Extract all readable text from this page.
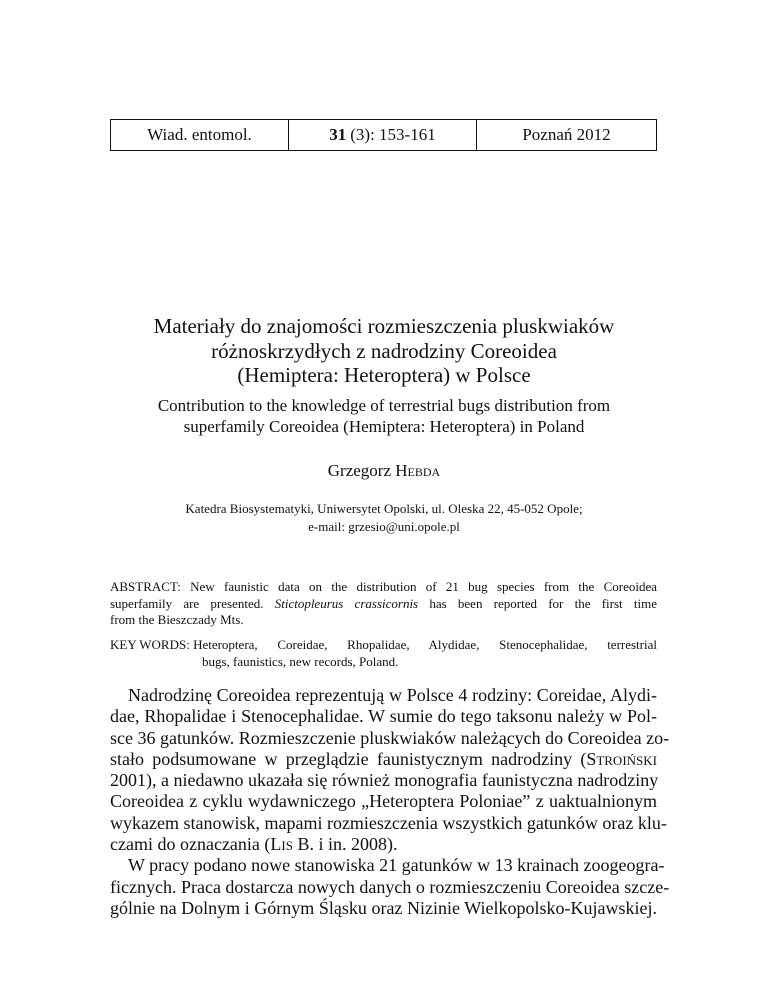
Wiad. entomol.	31 (3): 153-161	Poznań 2012
Materiały do znajomości rozmieszczenia pluskwiaków
różnoskrzydłych z nadrodziny Coreoidea
(Hemiptera: Heteroptera) w Polsce
Contribution to the knowledge of terrestrial bugs distribution from
superfamily Coreoidea (Hemiptera: Heteroptera) in Poland
Grzegorz Hebda
Katedra Biosystematyki, Uniwersytet Opolski, ul. Oleska 22, 45-052 Opole;
e-mail: grzesio@uni.opole.pl
ABSTRACT: New faunistic data on the distribution of 21 bug species from the Coreoidea
superfamily are presented. Stictopleurus crassicornis has been reported for the first time
from the Bieszczady Mts.
KEY WORDS: Heteroptera, Coreidae, Rhopalidae, Alydidae, Stenocephalidae, terrestrial
bugs, faunistics, new records, Poland.
Nadrodzinę Coreoidea reprezentują w Polsce 4 rodziny: Coreidae, Alydi-
dae, Rhopalidae i Stenocephalidae. W sumie do tego taksonu należy w Pol-
sce 36 gatunków. Rozmieszczenie pluskwiaków należących do Coreoidea zo-
stało podsumowane w przeglądzie faunistycznym nadrodziny (Stroiński
2001), a niedawno ukazała się również monografia faunistyczna nadrodziny
Coreoidea z cyklu wydawniczego „Heteroptera Poloniae” z uaktualnionym
wykazem stanowisk, mapami rozmieszczenia wszystkich gatunków oraz klu-
czami do oznaczania (Lis B. i in. 2008).
W pracy podano nowe stanowiska 21 gatunków w 13 krainach zoogeogra-
ficznych. Praca dostarcza nowych danych o rozmieszczeniu Coreoidea szcze-
gólnie na Dolnym i Górnym Śląsku oraz Nizinie Wielkopolsko-Kujawskiej.
